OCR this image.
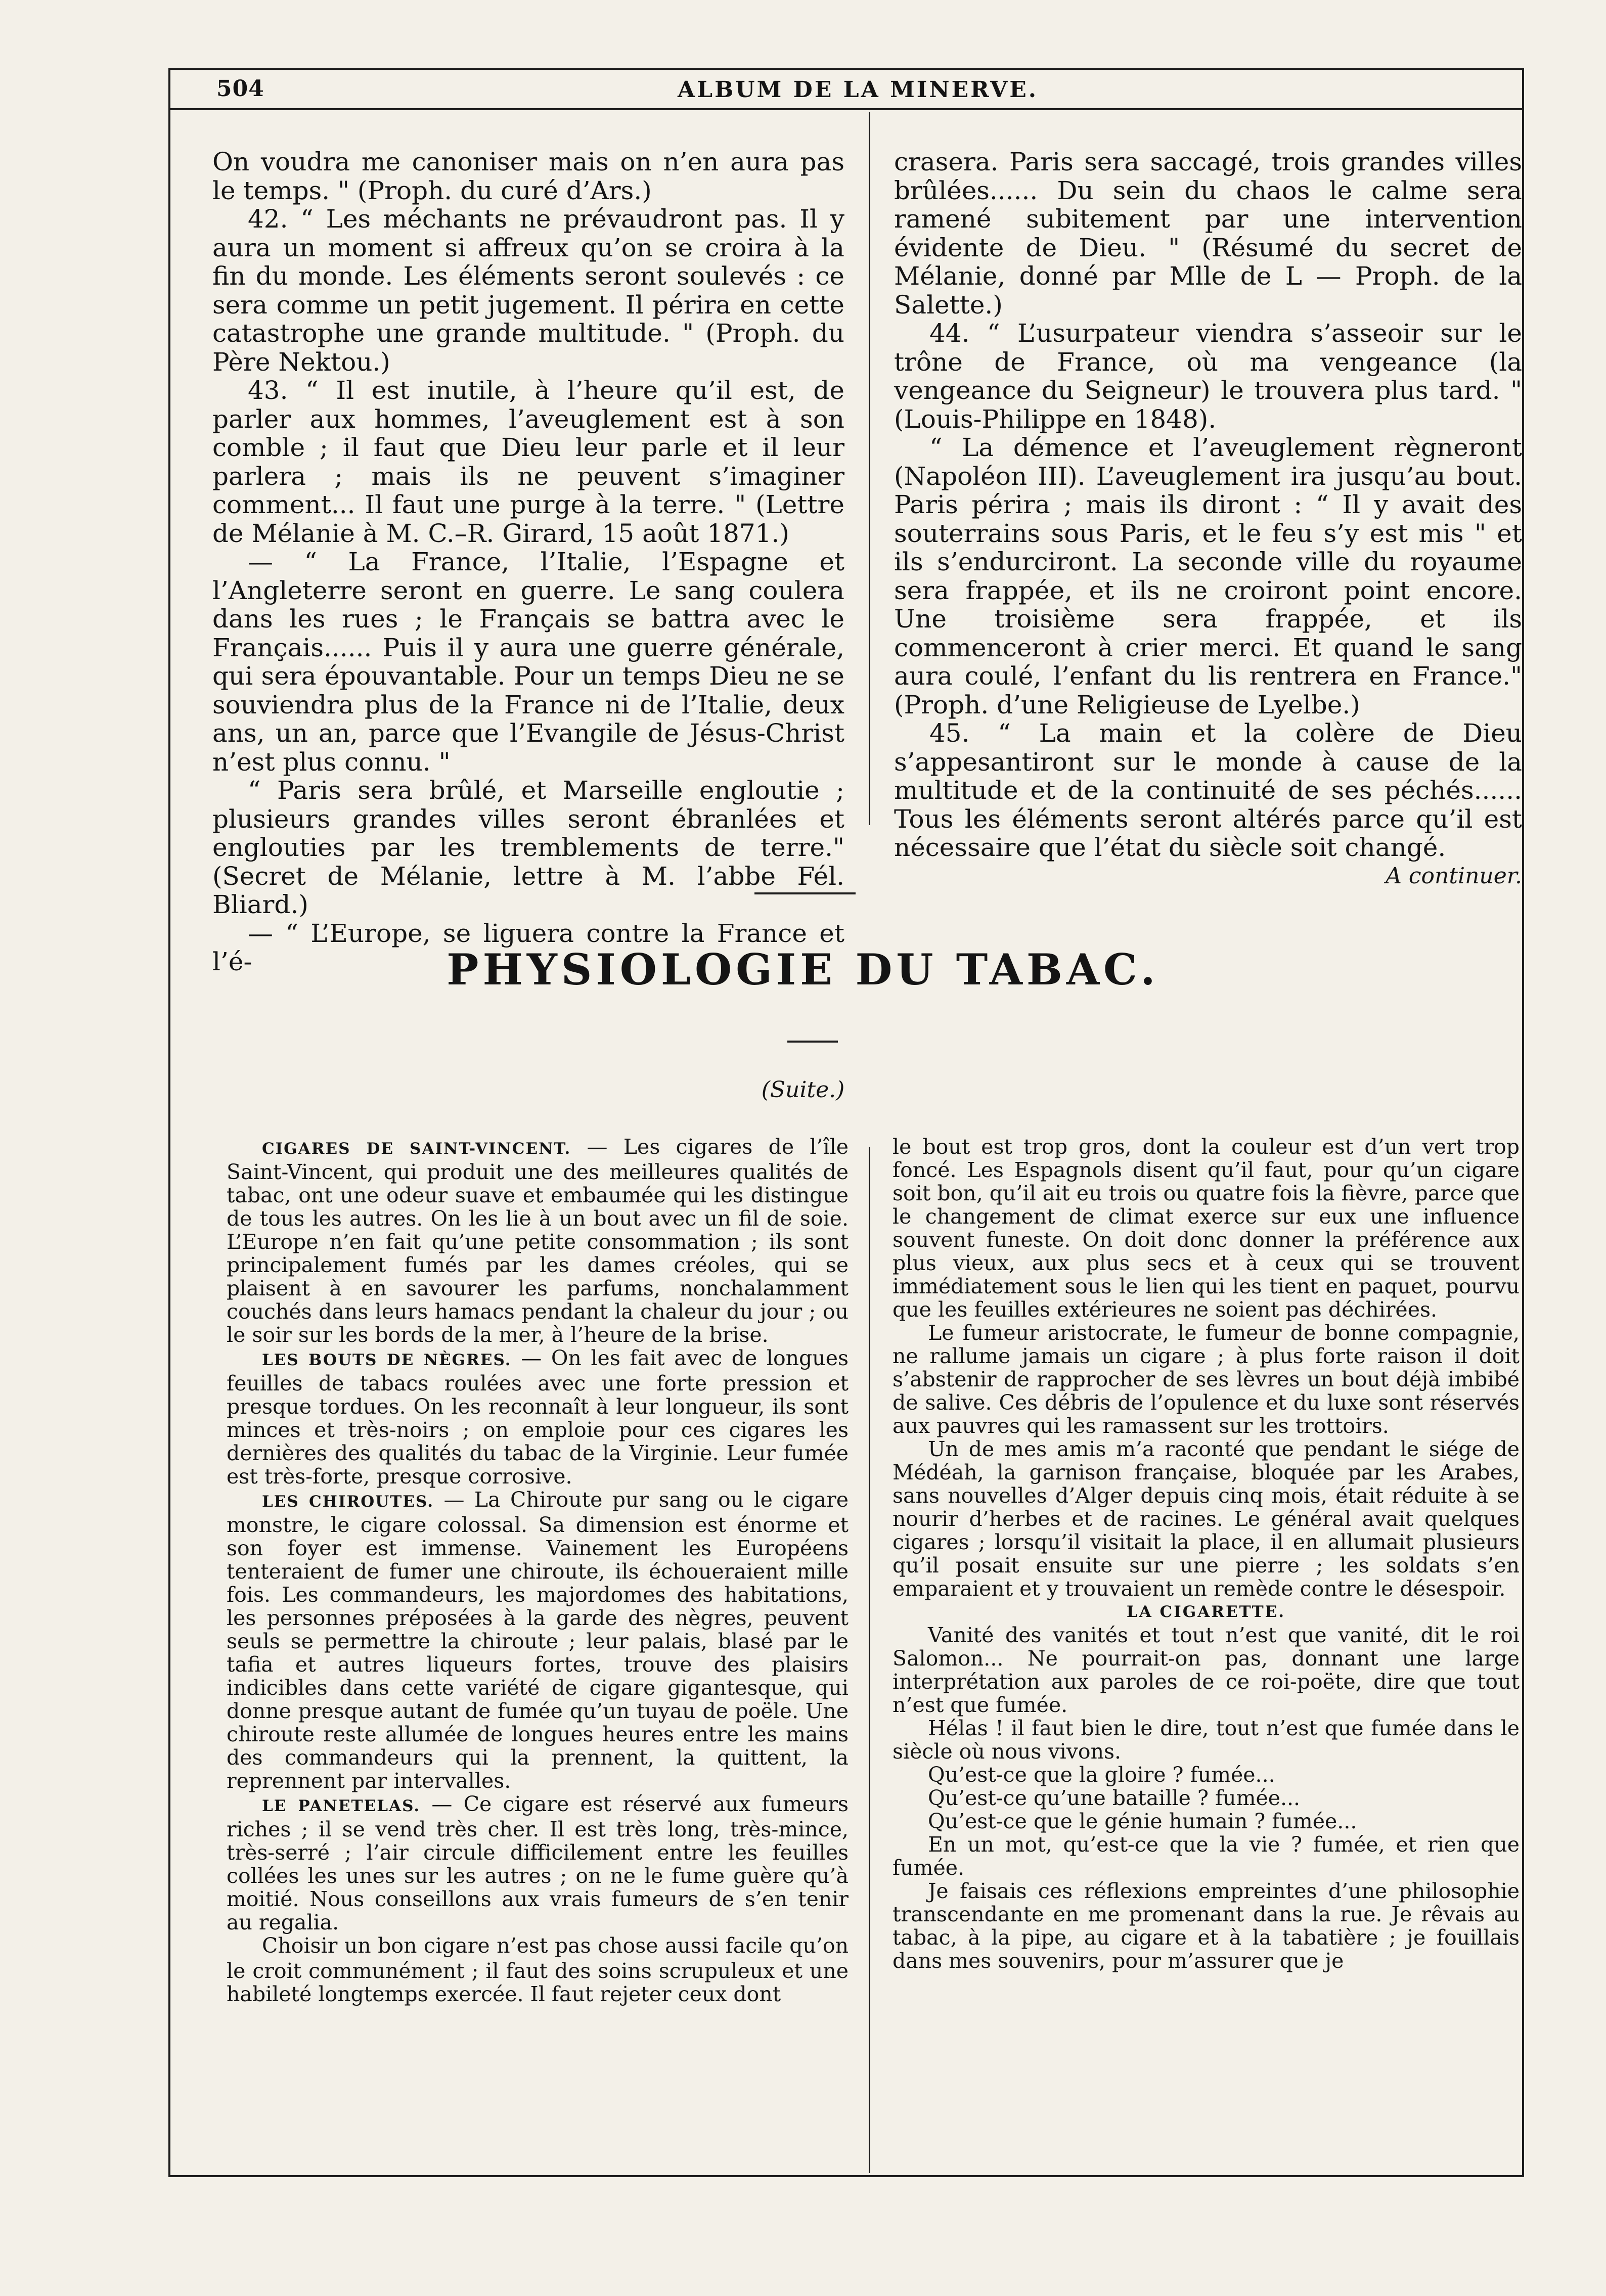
504	ALBUM DE LA MINERVE.

On voudra me canoniser mais on n’en aura pas le temps. " (Proph. du curé d’Ars.)

42. “ Les méchants ne prévaudront pas. Il y aura un moment si affreux qu’on se croira à la fin du monde. Les éléments seront soulevés : ce sera comme un petit jugement. Il périra en cette catastrophe une grande multitude. " (Proph. du Père Nektou.)

43. “ Il est inutile, à l’heure qu’il est, de parler aux hommes, l’aveuglement est à son comble ; il faut que Dieu leur parle et il leur parlera ; mais ils ne peuvent s’imaginer comment... Il faut une purge à la terre. " (Lettre de Mélanie à M. C.–R. Girard, 15 août 1871.)

— “ La France, l’Italie, l’Espagne et l’Angleterre seront en guerre. Le sang coulera dans les rues ; le Français se battra avec le Français...... Puis il y aura une guerre générale, qui sera épouvantable. Pour un temps Dieu ne se souviendra plus de la France ni de l’Italie, deux ans, un an, parce que l’Evangile de Jésus-Christ n’est plus connu. "

“ Paris sera brûlé, et Marseille engloutie ; plusieurs grandes villes seront ébranlées et englouties par les tremblements de terre." (Secret de Mélanie, lettre à M. l’abbe Fél. Bliard.)

— “ L’Europe, se liguera contre la France et l’é-

crasera. Paris sera saccagé, trois grandes villes brûlées...... Du sein du chaos le calme sera ramené subitement par une intervention évidente de Dieu. " (Résumé du secret de Mélanie, donné par Mlle de L — Proph. de la Salette.)

44. “ L’usurpateur viendra s’asseoir sur le trône de France, où ma vengeance (la vengeance du Seigneur) le trouvera plus tard. " (Louis-Philippe en 1848).

“ La démence et l’aveuglement règneront (Napoléon III). L’aveuglement ira jusqu’au bout. Paris périra ; mais ils diront : “ Il y avait des souterrains sous Paris, et le feu s’y est mis " et ils s’endurciront. La seconde ville du royaume sera frappée, et ils ne croiront point encore. Une troisième sera frappée, et ils commenceront à crier merci. Et quand le sang aura coulé, l’enfant du lis rentrera en France." (Proph. d’une Religieuse de Lyelbe.)

45. “ La main et la colère de Dieu s’appesantiront sur le monde à cause de la multitude et de la continuité de ses péchés...... Tous les éléments seront altérés parce qu’il est nécessaire que l’état du siècle soit changé.

A continuer.

PHYSIOLOGIE DU TABAC.
(Suite.)

CIGARES DE SAINT-VINCENT. — Les cigares de l’île Saint-Vincent, qui produit une des meilleures qualités de tabac, ont une odeur suave et embaumée qui les distingue de tous les autres. On les lie à un bout avec un fil de soie. L’Europe n’en fait qu’une petite consommation ; ils sont principalement fumés par les dames créoles, qui se plaisent à en savourer les parfums, nonchalamment couchés dans leurs hamacs pendant la chaleur du jour ; ou le soir sur les bords de la mer, à l’heure de la brise.

LES BOUTS DE NÈGRES. — On les fait avec de longues feuilles de tabacs roulées avec une forte pression et presque tordues. On les reconnaît à leur longueur, ils sont minces et très-noirs ; on emploie pour ces cigares les dernières des qualités du tabac de la Virginie. Leur fumée est très-forte, presque corrosive.

LES CHIROUTES. — La Chiroute pur sang ou le cigare monstre, le cigare colossal. Sa dimension est énorme et son foyer est immense. Vainement les Européens tenteraient de fumer une chiroute, ils échoueraient mille fois. Les commandeurs, les majordomes des habitations, les personnes préposées à la garde des nègres, peuvent seuls se permettre la chiroute ; leur palais, blasé par le tafia et autres liqueurs fortes, trouve des plaisirs indicibles dans cette variété de cigare gigantesque, qui donne presque autant de fumée qu’un tuyau de poële. Une chiroute reste allumée de longues heures entre les mains des commandeurs qui la prennent, la quittent, la reprennent par intervalles.

LE PANETELAS. — Ce cigare est réservé aux fumeurs riches ; il se vend très cher. Il est très long, très-mince, très-serré ; l’air circule difficilement entre les feuilles collées les unes sur les autres ; on ne le fume guère qu’à moitié. Nous conseillons aux vrais fumeurs de s’en tenir au regalia.

Choisir un bon cigare n’est pas chose aussi facile qu’on le croit communément ; il faut des soins scrupuleux et une habileté longtemps exercée. Il faut rejeter ceux dont

le bout est trop gros, dont la couleur est d’un vert trop foncé. Les Espagnols disent qu’il faut, pour qu’un cigare soit bon, qu’il ait eu trois ou quatre fois la fièvre, parce que le changement de climat exerce sur eux une influence souvent funeste. On doit donc donner la préférence aux plus vieux, aux plus secs et à ceux qui se trouvent immédiatement sous le lien qui les tient en paquet, pourvu que les feuilles extérieures ne soient pas déchirées.

Le fumeur aristocrate, le fumeur de bonne compagnie, ne rallume jamais un cigare ; à plus forte raison il doit s’abstenir de rapprocher de ses lèvres un bout déjà imbibé de salive. Ces débris de l’opulence et du luxe sont réservés aux pauvres qui les ramassent sur les trottoirs.

Un de mes amis m’a raconté que pendant le siége de Médéah, la garnison française, bloquée par les Arabes, sans nouvelles d’Alger depuis cinq mois, était réduite à se nourir d’herbes et de racines. Le général avait quelques cigares ; lorsqu’il visitait la place, il en allumait plusieurs qu’il posait ensuite sur une pierre ; les soldats s’en emparaient et y trouvaient un remède contre le désespoir.

LA CIGARETTE.

Vanité des vanités et tout n’est que vanité, dit le roi Salomon... Ne pourrait-on pas, donnant une large interprétation aux paroles de ce roi-poëte, dire que tout n’est que fumée.

Hélas ! il faut bien le dire, tout n’est que fumée dans le siècle où nous vivons.

Qu’est-ce que la gloire ? fumée...

Qu’est-ce qu’une bataille ? fumée...

Qu’est-ce que le génie humain ? fumée...

En un mot, qu’est-ce que la vie ? fumée, et rien que fumée.

Je faisais ces réflexions empreintes d’une philosophie transcendante en me promenant dans la rue. Je rêvais au tabac, à la pipe, au cigare et à la tabatière ; je fouillais dans mes souvenirs, pour m’assurer que je
